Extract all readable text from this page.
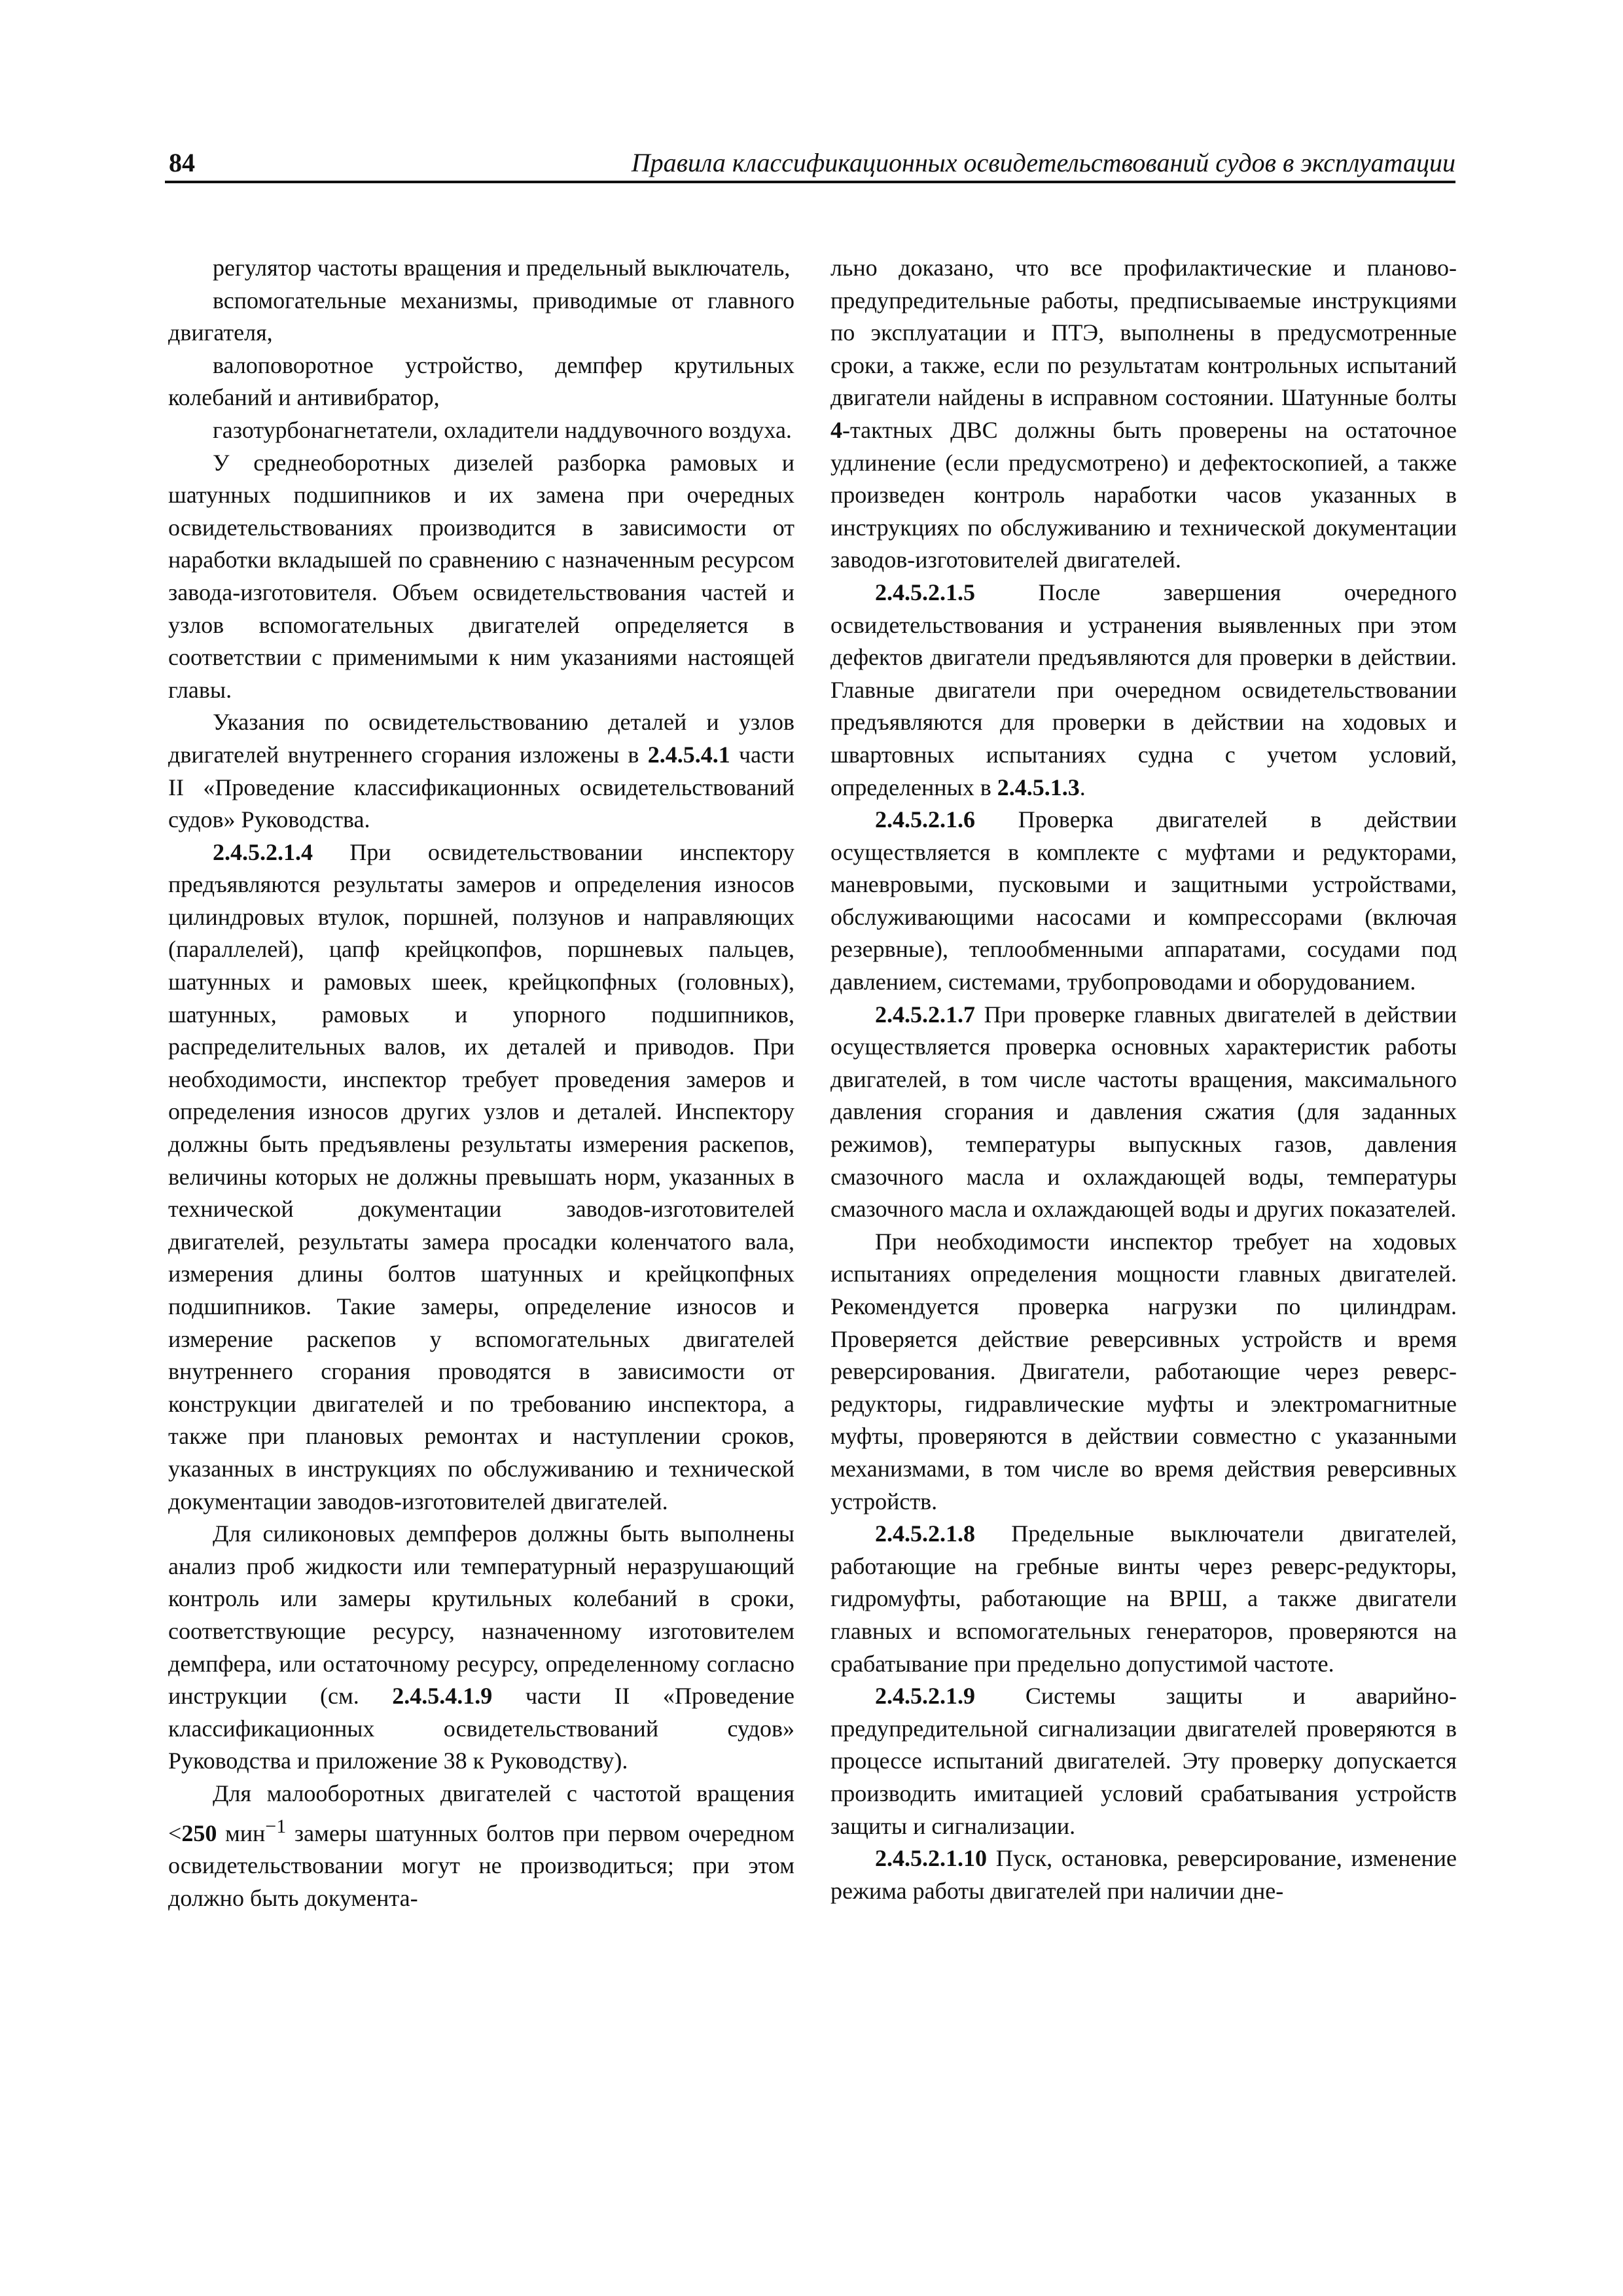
84	Правила классификационных освидетельствований судов в эксплуатации

регулятор частоты вращения и предельный выключатель,

вспомогательные механизмы, приводимые от главного двигателя,

валоповоротное устройство, демпфер крутильных колебаний и антивибратор,

газотурбонагнетатели, охладители наддувочного воздуха.

У среднеоборотных дизелей разборка рамовых и шатунных подшипников и их замена при очередных освидетельствованиях производится в зависимости от наработки вкладышей по сравнению с назначенным ресурсом завода-изготовителя. Объем освидетельствования частей и узлов вспомогательных двигателей определяется в соответствии с применимыми к ним указаниями настоящей главы.

Указания по освидетельствованию деталей и узлов двигателей внутреннего сгорания изложены в 2.4.5.4.1 части II «Проведение классификационных освидетельствований судов» Руководства.

2.4.5.2.1.4 При освидетельствовании инспектору предъявляются результаты замеров и определения износов цилиндровых втулок, поршней, ползунов и направляющих (параллелей), цапф крейцкопфов, поршневых пальцев, шатунных и рамовых шеек, крейцкопфных (головных), шатунных, рамовых и упорного подшипников, распределительных валов, их деталей и приводов. При необходимости, инспектор требует проведения замеров и определения износов других узлов и деталей. Инспектору должны быть предъявлены результаты измерения раскепов, величины которых не должны превышать норм, указанных в технической документации заводов-изготовителей двигателей, результаты замера просадки коленчатого вала, измерения длины болтов шатунных и крейцкопфных подшипников. Такие замеры, определение износов и измерение раскепов у вспомогательных двигателей внутреннего сгорания проводятся в зависимости от конструкции двигателей и по требованию инспектора, а также при плановых ремонтах и наступлении сроков, указанных в инструкциях по обслуживанию и технической документации заводов-изготовителей двигателей.

Для силиконовых демпферов должны быть выполнены анализ проб жидкости или температурный неразрушающий контроль или замеры крутильных колебаний в сроки, соответствующие ресурсу, назначенному изготовителем демпфера, или остаточному ресурсу, определенному согласно инструкции (см. 2.4.5.4.1.9 части II «Проведение классификационных освидетельствований судов» Руководства и приложение 38 к Руководству).

Для малооборотных двигателей с частотой вращения <250 мин$^{-1}$ замеры шатунных болтов при первом очередном освидетельствовании могут не производиться; при этом должно быть документа-

льно доказано, что все профилактические и планово-предупредительные работы, предписываемые инструкциями по эксплуатации и ПТЭ, выполнены в предусмотренные сроки, а также, если по результатам контрольных испытаний двигатели найдены в исправном состоянии. Шатунные болты 4-тактных ДВС должны быть проверены на остаточное удлинение (если предусмотрено) и дефектоскопией, а также произведен контроль наработки часов указанных в инструкциях по обслуживанию и технической документации заводов-изготовителей двигателей.

2.4.5.2.1.5	После завершения очередного освидетельствования и устранения выявленных при этом дефектов двигатели предъявляются для проверки в действии. Главные двигатели при очередном освидетельствовании предъявляются для проверки в действии на ходовых и швартовных испытаниях судна с учетом условий, определенных в 2.4.5.1.3.

2.4.5.2.1.6 Проверка двигателей в действии осуществляется в комплекте с муфтами и редукторами, маневровыми, пусковыми и защитными устройствами, обслуживающими насосами и компрессорами (включая резервные), теплообменными аппаратами, сосудами под давлением, системами, трубопроводами и оборудованием.

2.4.5.2.1.7 При проверке главных двигателей в действии осуществляется проверка основных характеристик работы двигателей, в том числе частоты вращения, максимального давления сгорания и давления сжатия (для заданных режимов), температуры выпускных газов, давления смазочного масла и охлаждающей воды, температуры смазочного масла и охлаждающей воды и других показателей.

При необходимости инспектор требует на ходовых испытаниях определения мощности главных двигателей. Рекомендуется проверка нагрузки по цилиндрам. Проверяется действие реверсивных устройств и время реверсирования. Двигатели, работающие через реверс-редукторы, гидравлические муфты и электромагнитные муфты, проверяются в действии совместно с указанными механизмами, в том числе во время действия реверсивных устройств.

2.4.5.2.1.8 Предельные выключатели двигателей, работающие на гребные винты через реверс-редукторы, гидромуфты, работающие на ВРШ, а также двигатели главных и вспомогательных генераторов, проверяются на срабатывание при предельно допустимой частоте.

2.4.5.2.1.9 Системы защиты и аварийно-предупредительной сигнализации двигателей проверяются в процессе испытаний двигателей. Эту проверку допускается производить имитацией условий срабатывания устройств защиты и сигнализации.

2.4.5.2.1.10 Пуск, остановка, реверсирование, изменение режима работы двигателей при наличии дне-
